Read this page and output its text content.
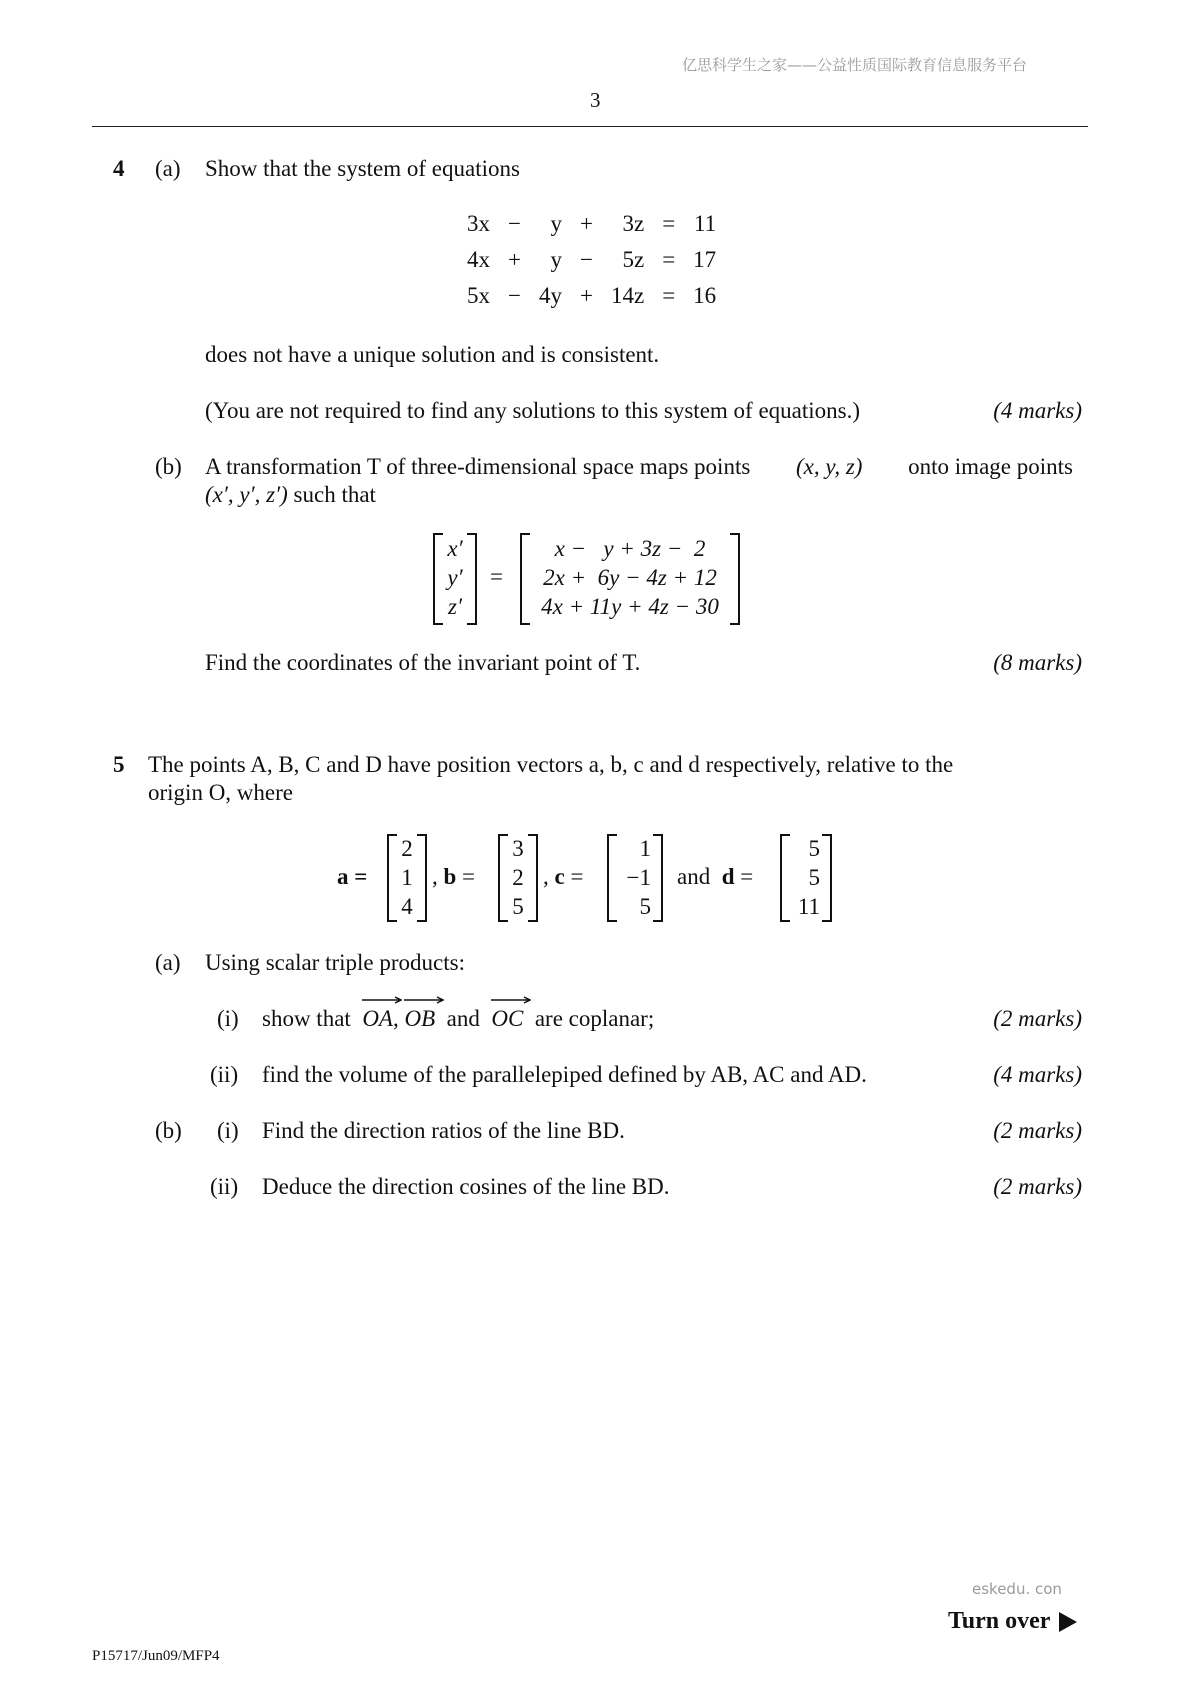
亿思科学生之家——公益性质国际教育信息服务平台
3
4 (a) Show that the system of equations
3x	−	y	+	3z	=	11
4x	+	y	−	5z	=	17
5x	−	4y	+	14z	=	16
does not have a unique solution and is consistent.
(You are not required to find any solutions to this system of equations.)	(4 marks)
(b) A transformation T of three-dimensional space maps points (x, y, z) onto image points
(x′, y′, z′) such that
x′
y′
z′
=
x −   y + 3z −  2
2x +  6y − 4z + 12
4x + 11y + 4z − 30
Find the coordinates of the invariant point of T.	(8 marks)
5 The points A, B, C and D have position vectors a, b, c and d respectively, relative to the
origin O, where
a =
2
1
4
, b =
3
2
5
, c =
1
−1
5
and  d =
5
5
11
(a) Using scalar triple products:
(i) show that OA,
OB  and
OC are coplanar;	(2 marks)
(ii) find the volume of the parallelepiped defined by AB, AC and AD.	(4 marks)
(b) (i) Find the direction ratios of the line BD.	(2 marks)
(ii) Deduce the direction cosines of the line BD.	(2 marks)
eskedu. con
Turn over
P15717/Jun09/MFP4
